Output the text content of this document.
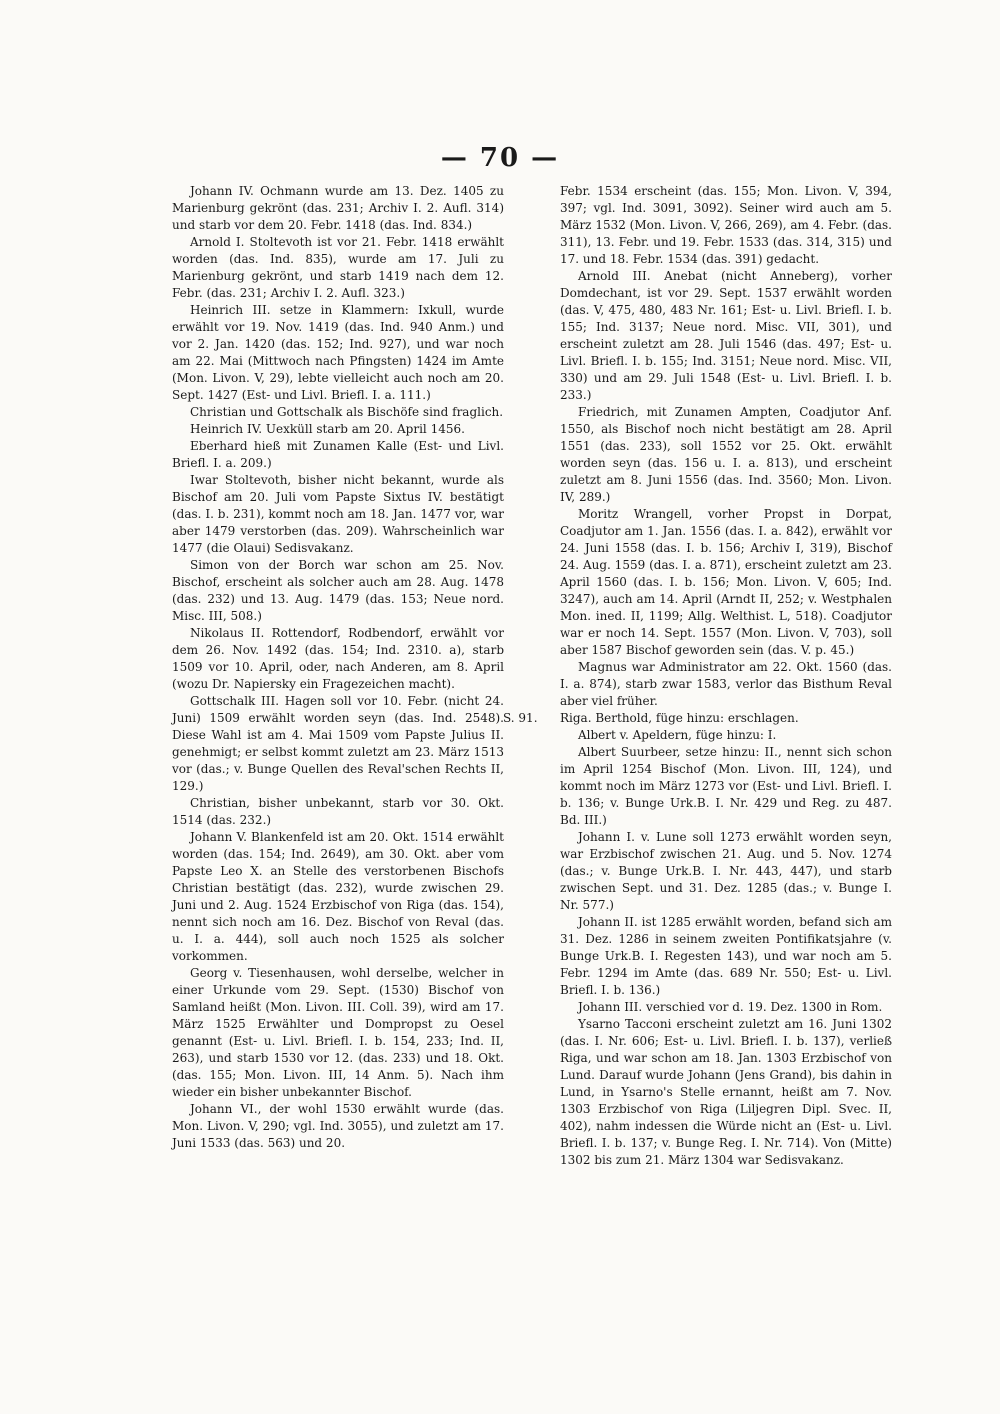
— 70 —

Johann IV. Ochmann wurde am 13. Dez. 1405 zu Marienburg gekrönt (das. 231; Archiv I. 2. Aufl. 314) und starb vor dem 20. Febr. 1418 (das. Ind. 834.)

Arnold I. Stoltevoth ist vor 21. Febr. 1418 erwählt worden (das. Ind. 835), wurde am 17. Juli zu Marienburg gekrönt, und starb 1419 nach dem 12. Febr. (das. 231; Archiv I. 2. Aufl. 323.)

Heinrich III. setze in Klammern: Ixkull, wurde erwählt vor 19. Nov. 1419 (das. Ind. 940 Anm.) und vor 2. Jan. 1420 (das. 152; Ind. 927), und war noch am 22. Mai (Mittwoch nach Pfingsten) 1424 im Amte (Mon. Livon. V, 29), lebte vielleicht auch noch am 20. Sept. 1427 (Est- und Livl. Briefl. I. a. 111.)

Christian und Gottschalk als Bischöfe sind fraglich.

Heinrich IV. Uexküll starb am 20. April 1456.

Eberhard hieß mit Zunamen Kalle (Est- und Livl. Briefl. I. a. 209.)

Iwar Stoltevoth, bisher nicht bekannt, wurde als Bischof am 20. Juli vom Papste Sixtus IV. bestätigt (das. I. b. 231), kommt noch am 18. Jan. 1477 vor, war aber 1479 verstorben (das. 209). Wahrscheinlich war 1477 (die Olaui) Sedisvakanz.

Simon von der Borch war schon am 25. Nov. Bischof, erscheint als solcher auch am 28. Aug. 1478 (das. 232) und 13. Aug. 1479 (das. 153; Neue nord. Misc. III, 508.)

Nikolaus II. Rottendorf, Rodbendorf, erwählt vor dem 26. Nov. 1492 (das. 154; Ind. 2310. a), starb 1509 vor 10. April, oder, nach Anderen, am 8. April (wozu Dr. Napiersky ein Fragezeichen macht).

Gottschalk III. Hagen soll vor 10. Febr. (nicht 24. Juni) 1509 erwählt worden seyn (das. Ind. 2548). Diese Wahl ist am 4. Mai 1509 vom Papste Julius II. genehmigt; er selbst kommt zuletzt am 23. März 1513 vor (das.; v. Bunge Quellen des Reval'schen Rechts II, 129.)

Christian, bisher unbekannt, starb vor 30. Okt. 1514 (das. 232.)

Johann V. Blankenfeld ist am 20. Okt. 1514 erwählt worden (das. 154; Ind. 2649), am 30. Okt. aber vom Papste Leo X. an Stelle des verstorbenen Bischofs Christian bestätigt (das. 232), wurde zwischen 29. Juni und 2. Aug. 1524 Erzbischof von Riga (das. 154), nennt sich noch am 16. Dez. Bischof von Reval (das. u. I. a. 444), soll auch noch 1525 als solcher vorkommen.

Georg v. Tiesenhausen, wohl derselbe, welcher in einer Urkunde vom 29. Sept. (1530) Bischof von Samland heißt (Mon. Livon. III. Coll. 39), wird am 17. März 1525 Erwählter und Dompropst zu Oesel genannt (Est- u. Livl. Briefl. I. b. 154, 233; Ind. II, 263), und starb 1530 vor 12. (das. 233) und 18. Okt. (das. 155; Mon. Livon. III, 14 Anm. 5). Nach ihm wieder ein bisher unbekannter Bischof.

Johann VI., der wohl 1530 erwählt wurde (das. Mon. Livon. V, 290; vgl. Ind. 3055), und zuletzt am 17. Juni 1533 (das. 563) und 20.

Febr. 1534 erscheint (das. 155; Mon. Livon. V, 394, 397; vgl. Ind. 3091, 3092). Seiner wird auch am 5. März 1532 (Mon. Livon. V, 266, 269), am 4. Febr. (das. 311), 13. Febr. und 19. Febr. 1533 (das. 314, 315) und 17. und 18. Febr. 1534 (das. 391) gedacht.

Arnold III. Anebat (nicht Anneberg), vorher Domdechant, ist vor 29. Sept. 1537 erwählt worden (das. V, 475, 480, 483 Nr. 161; Est- u. Livl. Briefl. I. b. 155; Ind. 3137; Neue nord. Misc. VII, 301), und erscheint zuletzt am 28. Juli 1546 (das. 497; Est- u. Livl. Briefl. I. b. 155; Ind. 3151; Neue nord. Misc. VII, 330) und am 29. Juli 1548 (Est- u. Livl. Briefl. I. b. 233.)

Friedrich, mit Zunamen Ampten, Coadjutor Anf. 1550, als Bischof noch nicht bestätigt am 28. April 1551 (das. 233), soll 1552 vor 25. Okt. erwählt worden seyn (das. 156 u. I. a. 813), und erscheint zuletzt am 8. Juni 1556 (das. Ind. 3560; Mon. Livon. IV, 289.)

Moritz Wrangell, vorher Propst in Dorpat, Coadjutor am 1. Jan. 1556 (das. I. a. 842), erwählt vor 24. Juni 1558 (das. I. b. 156; Archiv I, 319), Bischof 24. Aug. 1559 (das. I. a. 871), erscheint zuletzt am 23. April 1560 (das. I. b. 156; Mon. Livon. V, 605; Ind. 3247), auch am 14. April (Arndt II, 252; v. Westphalen Mon. ined. II, 1199; Allg. Welthist. L, 518). Coadjutor war er noch 14. Sept. 1557 (Mon. Livon. V, 703), soll aber 1587 Bischof geworden sein (das. V. p. 45.)

Magnus war Administrator am 22. Okt. 1560 (das. I. a. 874), starb zwar 1583, verlor das Bisthum Reval aber viel früher.

S. 91. Riga. Berthold, füge hinzu: erschlagen.

Albert v. Apeldern, füge hinzu: I.

Albert Suurbeer, setze hinzu: II., nennt sich schon im April 1254 Bischof (Mon. Livon. III, 124), und kommt noch im März 1273 vor (Est- und Livl. Briefl. I. b. 136; v. Bunge Urk.B. I. Nr. 429 und Reg. zu 487. Bd. III.)

Johann I. v. Lune soll 1273 erwählt worden seyn, war Erzbischof zwischen 21. Aug. und 5. Nov. 1274 (das.; v. Bunge Urk.B. I. Nr. 443, 447), und starb zwischen Sept. und 31. Dez. 1285 (das.; v. Bunge I. Nr. 577.)

Johann II. ist 1285 erwählt worden, befand sich am 31. Dez. 1286 in seinem zweiten Pontifikatsjahre (v. Bunge Urk.B. I. Regesten 143), und war noch am 5. Febr. 1294 im Amte (das. 689 Nr. 550; Est- u. Livl. Briefl. I. b. 136.)

Johann III. verschied vor d. 19. Dez. 1300 in Rom.

Ysarno Tacconi erscheint zuletzt am 16. Juni 1302 (das. I. Nr. 606; Est- u. Livl. Briefl. I. b. 137), verließ Riga, und war schon am 18. Jan. 1303 Erzbischof von Lund. Darauf wurde Johann (Jens Grand), bis dahin in Lund, in Ysarno's Stelle ernannt, heißt am 7. Nov. 1303 Erzbischof von Riga (Liljegren Dipl. Svec. II, 402), nahm indessen die Würde nicht an (Est- u. Livl. Briefl. I. b. 137; v. Bunge Reg. I. Nr. 714). Von (Mitte) 1302 bis zum 21. März 1304 war Sedisvakanz.
